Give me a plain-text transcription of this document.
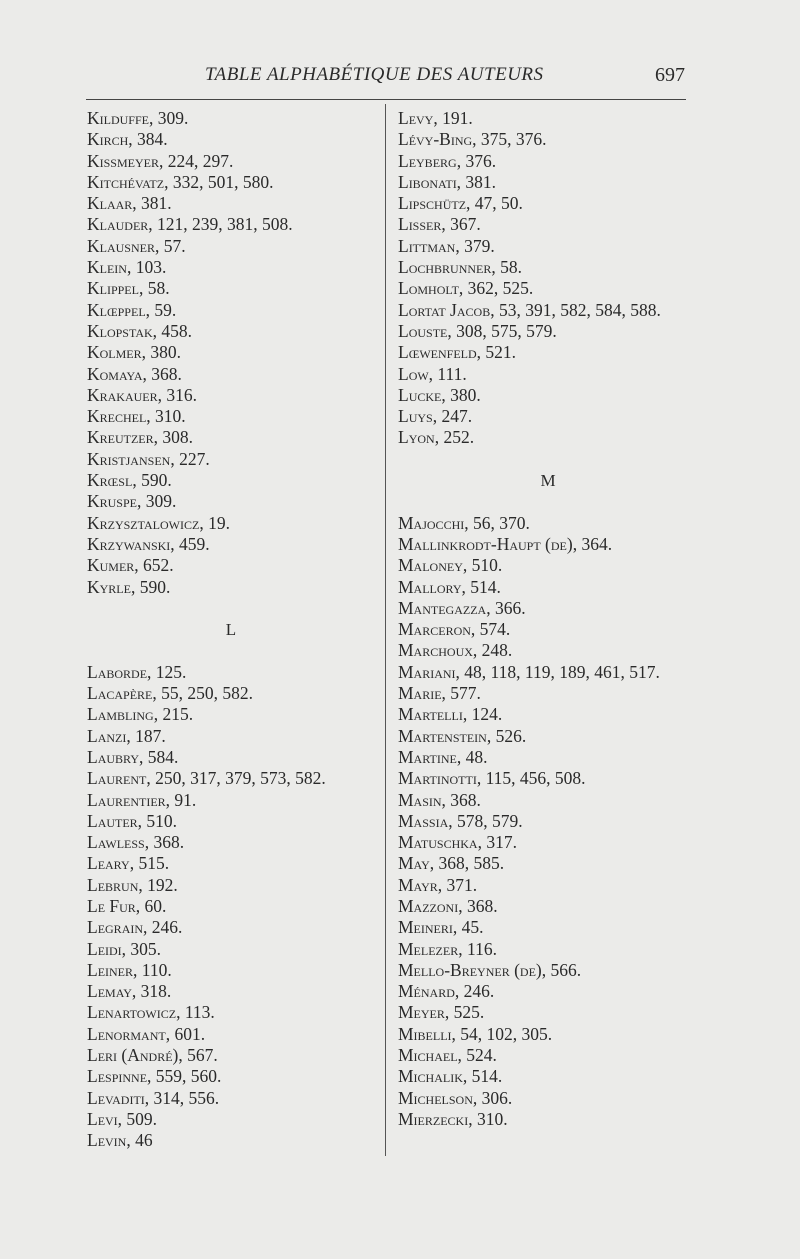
TABLE ALPHABÉTIQUE DES AUTEURS	697
Kilduffe, 309.
Kirch, 384.
Kissmeyer, 224, 297.
Kitchévatz, 332, 501, 580.
Klaar, 381.
Klauder, 121, 239, 381, 508.
Klausner, 57.
Klein, 103.
Klippel, 58.
Klœppel, 59.
Klopstak, 458.
Kolmer, 380.
Komaya, 368.
Krakauer, 316.
Krechel, 310.
Kreutzer, 308.
Kristjansen, 227.
Krœsl, 590.
Kruspe, 309.
Krzysztalowicz, 19.
Krzywanski, 459.
Kumer, 652.
Kyrle, 590.
L
Laborde, 125.
Lacapère, 55, 250, 582.
Lambling, 215.
Lanzi, 187.
Laubry, 584.
Laurent, 250, 317, 379, 573, 582.
Laurentier, 91.
Lauter, 510.
Lawless, 368.
Leary, 515.
Lebrun, 192.
Le Fur, 60.
Legrain, 246.
Leidi, 305.
Leiner, 110.
Lemay, 318.
Lenartowicz, 113.
Lenormant, 601.
Leri (André), 567.
Lespinne, 559, 560.
Levaditi, 314, 556.
Levi, 509.
Levin, 46
Levy, 191.
Lévy-Bing, 375, 376.
Leyberg, 376.
Libonati, 381.
Lipschütz, 47, 50.
Lisser, 367.
Littman, 379.
Lochbrunner, 58.
Lomholt, 362, 525.
Lortat Jacob, 53, 391, 582, 584, 588.
Louste, 308, 575, 579.
Lœwenfeld, 521.
Low, 111.
Lucke, 380.
Luys, 247.
Lyon, 252.
M
Majocchi, 56, 370.
Mallinkrodt-Haupt (de), 364.
Maloney, 510.
Mallory, 514.
Mantegazza, 366.
Marceron, 574.
Marchoux, 248.
Mariani, 48, 118, 119, 189, 461, 517.
Marie, 577.
Martelli, 124.
Martenstein, 526.
Martine, 48.
Martinotti, 115, 456, 508.
Masin, 368.
Massia, 578, 579.
Matuschka, 317.
May, 368, 585.
Mayr, 371.
Mazzoni, 368.
Meineri, 45.
Melezer, 116.
Mello-Breyner (de), 566.
Ménard, 246.
Meyer, 525.
Mibelli, 54, 102, 305.
Michael, 524.
Michalik, 514.
Michelson, 306.
Mierzecki, 310.
